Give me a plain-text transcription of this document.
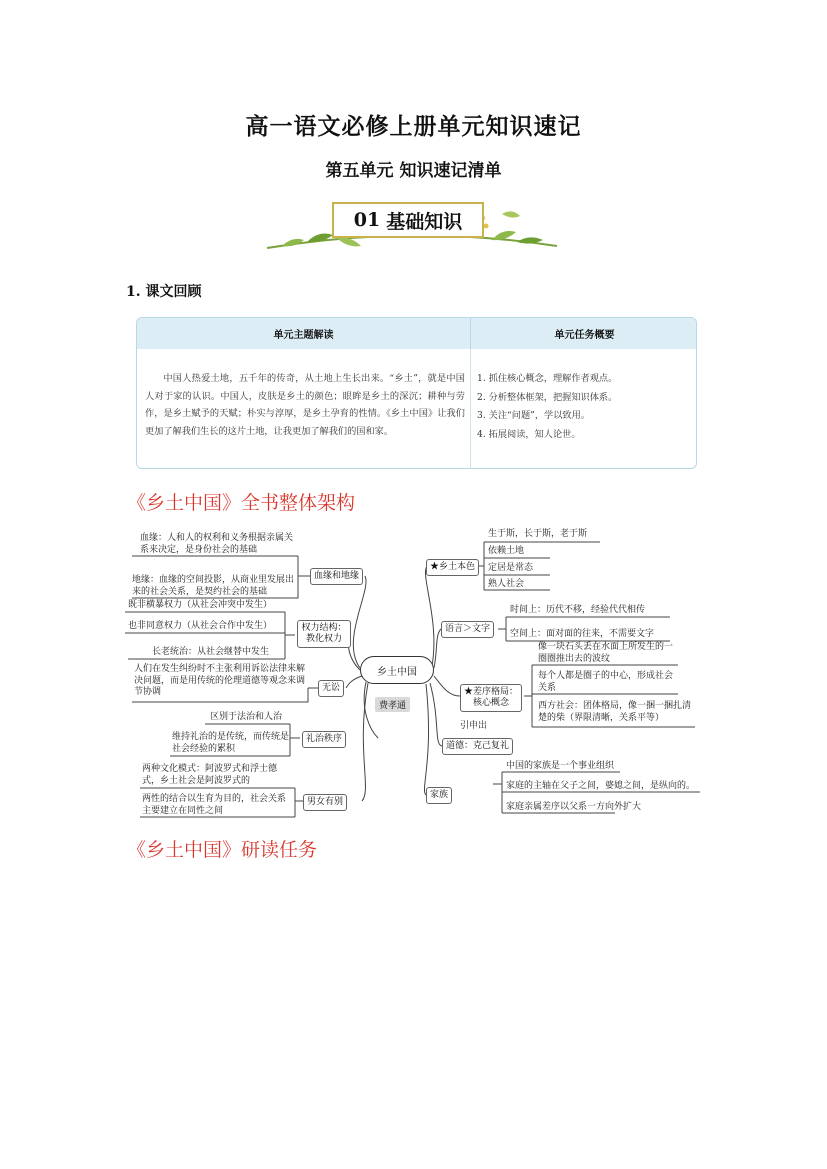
高一语文必修上册单元知识速记
第五单元 知识速记清单
01 基础知识
1. 课文回顾
单元主题解读	单元任务概要
中国人热爱土地，五千年的传奇，从土地上生长出来。“乡土”，就是中国人对于家的认识。中国人，皮肤是乡土的颜色；眼眸是乡土的深沉；耕种与劳作，是乡土赋予的天赋；朴实与淳厚，是乡土孕育的性情。《乡土中国》让我们更加了解我们生长的这片土地，让我更加了解我们的国和家。
1. 抓住核心概念，理解作者观点。
2. 分析整体框架，把握知识体系。
3. 关注“问题”，学以致用。
4. 拓展阅读，知人论世。
《乡土中国》全书整体架构
乡土中国
费孝通
血缘和地缘
血缘：人和人的权利和义务根据亲属关系来决定，是身份社会的基础
地缘：血缘的空间投影，从商业里发展出来的社会关系，是契约社会的基础
权力结构：教化权力
既非横暴权力（从社会冲突中发生）
也非同意权力（从社会合作中发生）
长老统治：从社会继替中发生
无讼
人们在发生纠纷时不主张利用诉讼法律来解决问题，而是用传统的伦理道德等观念来调节协调
礼治秩序
区别于法治和人治
维持礼治的是传统，而传统是社会经验的累积
男女有别
两种文化模式：阿波罗式和浮士德式，乡土社会是阿波罗式的
两性的结合以生育为目的，社会关系主要建立在同性之间
★乡土本色
生于斯，长于斯，老于斯
依赖土地
定居是常态
熟人社会
语言＞文字
时间上：历代不移，经验代代相传
空间上：面对面的往来，不需要文字
★差序格局：
核心概念
像一块石头丢在水面上所发生的一圈圈推出去的波纹
每个人都是圈子的中心，形成社会关系
西方社会：团体格局，像一捆一捆扎清楚的柴（界限清晰，关系平等）
引申出
道德：克己复礼
家族
中国的家族是一个事业组织
家庭的主轴在父子之间，婆媳之间，是纵向的。
家庭亲属差序以父系一方向外扩大
《乡土中国》研读任务
